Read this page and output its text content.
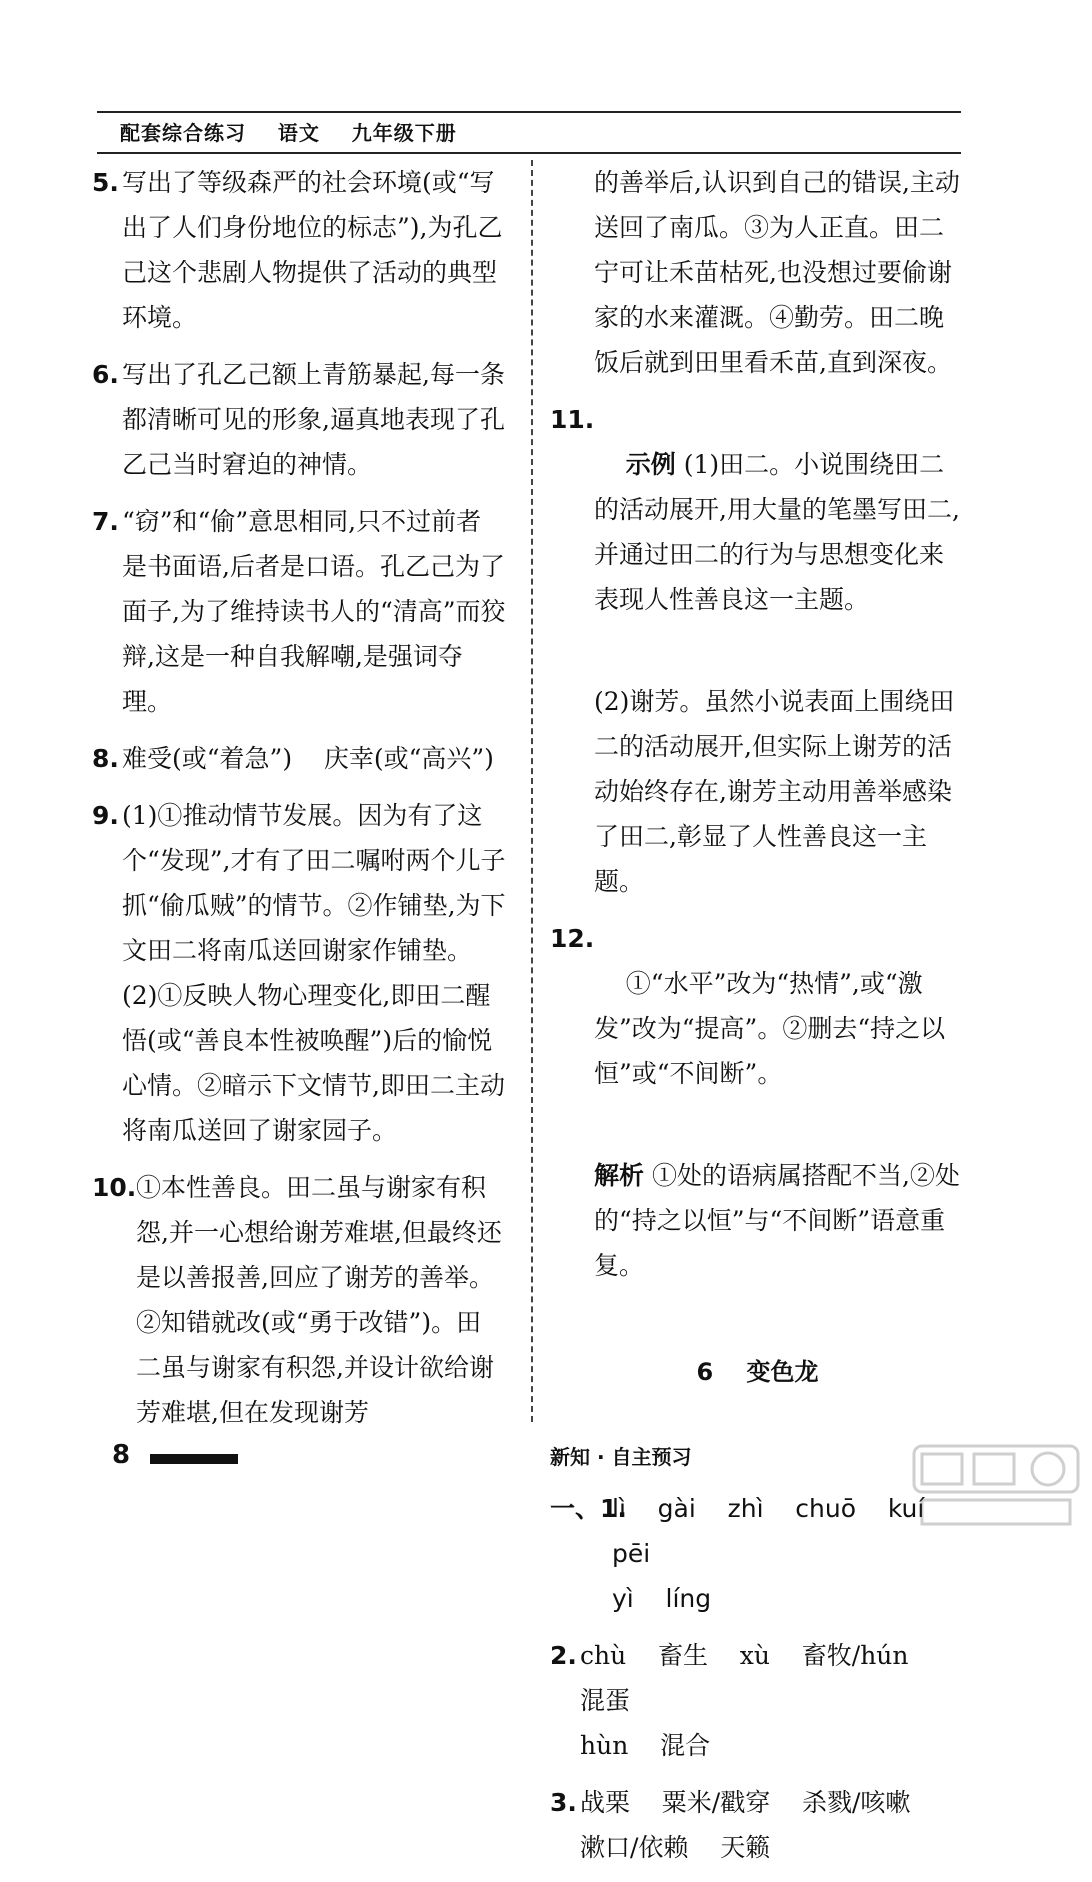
配套综合练习    语文    九年级下册
5. 写出了等级森严的社会环境(或“写出了人们身份地位的标志”),为孔乙己这个悲剧人物提供了活动的典型环境。
6. 写出了孔乙己额上青筋暴起,每一条都清晰可见的形象,逼真地表现了孔乙己当时窘迫的神情。
7. “窃”和“偷”意思相同,只不过前者是书面语,后者是口语。孔乙己为了面子,为了维持读书人的“清高”而狡辩,这是一种自我解嘲,是强词夺理。
8. 难受(或“着急”)    庆幸(或“高兴”)
9. (1)①推动情节发展。因为有了这个“发现”,才有了田二嘱咐两个儿子抓“偷瓜贼”的情节。②作铺垫,为下文田二将南瓜送回谢家作铺垫。  (2)①反映人物心理变化,即田二醒悟(或“善良本性被唤醒”)后的愉悦心情。②暗示下文情节,即田二主动将南瓜送回了谢家园子。
10. ①本性善良。田二虽与谢家有积怨,并一心想给谢芳难堪,但最终还是以善报善,回应了谢芳的善举。②知错就改(或“勇于改错”)。田二虽与谢家有积怨,并设计欲给谢芳难堪,但在发现谢芳
的善举后,认识到自己的错误,主动送回了南瓜。③为人正直。田二宁可让禾苗枯死,也没想过要偷谢家的水来灌溉。④勤劳。田二晚饭后就到田里看禾苗,直到深夜。

11.
示例 (1)田二。小说围绕田二的活动展开,用大量的笔墨写田二,并通过田二的行为与思想变化来表现人性善良这一主题。

(2)谢芳。虽然小说表面上围绕田二的活动展开,但实际上谢芳的活动始终存在,谢芳主动用善举感染了田二,彰显了人性善良这一主题。

12.
①“水平”改为“热情”,或“激发”改为“提高”。②删去“持之以恒”或“不间断”。

解析 ①处的语病属搭配不当,②处的“持之以恒”与“不间断”语意重复。
6    变色龙
新知 · 自主预习
一、1.
lì    gài    zhì    chuō    kuí    pēi
yì    líng
2. chù    畜生    xù    畜牧/hún    混蛋
hùn    混合
3. 战栗    粟米/戳穿    杀戮/咳嗽    漱口/依赖    天籁
8
